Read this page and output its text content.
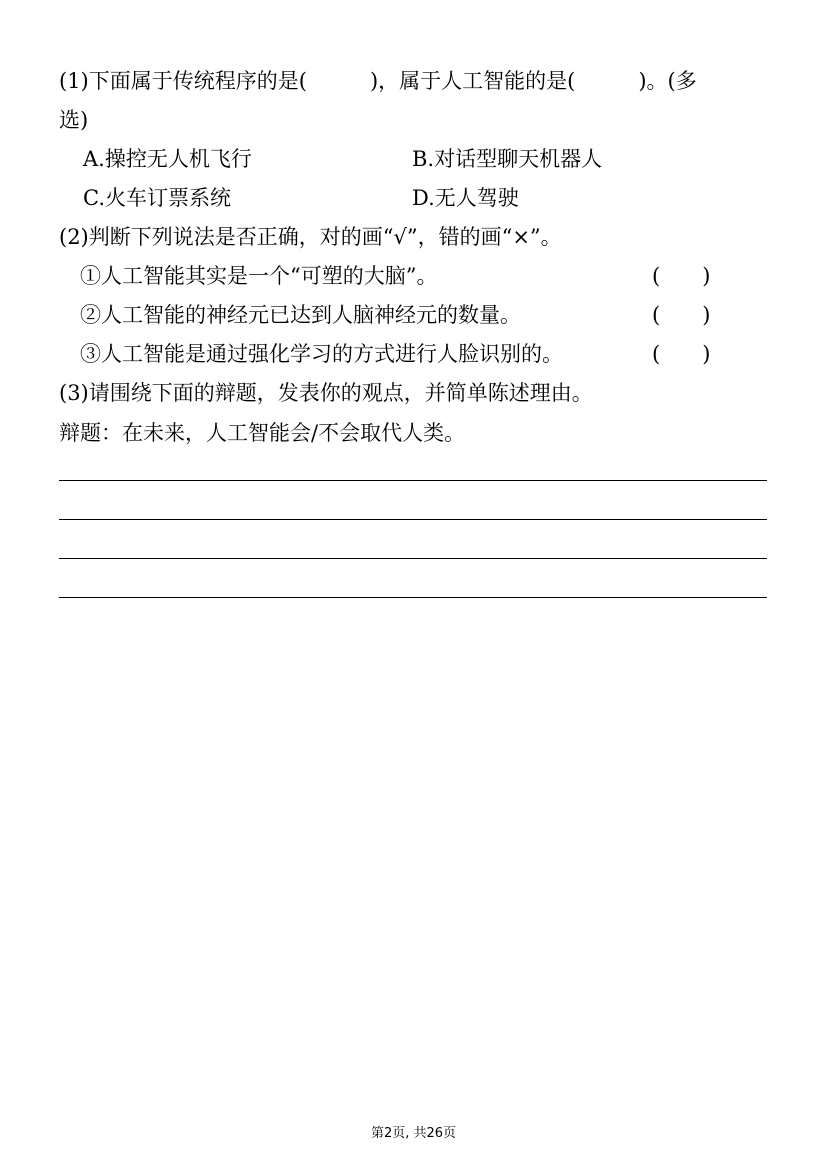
(1)下面属于传统程序的是(　　　)，属于人工智能的是(　　　)。(多
选)
A.操控无人机飞行	B.对话型聊天机器人
C.火车订票系统	D.无人驾驶
(2)判断下列说法是否正确，对的画“√”，错的画“×”。
①人工智能其实是一个“可塑的大脑”。	(　　)
②人工智能的神经元已达到人脑神经元的数量。	(　　)
③人工智能是通过强化学习的方式进行人脸识别的。	(　　)
(3)请围绕下面的辩题，发表你的观点，并简单陈述理由。
辩题：在未来，人工智能会/不会取代人类。
第2页, 共26页
